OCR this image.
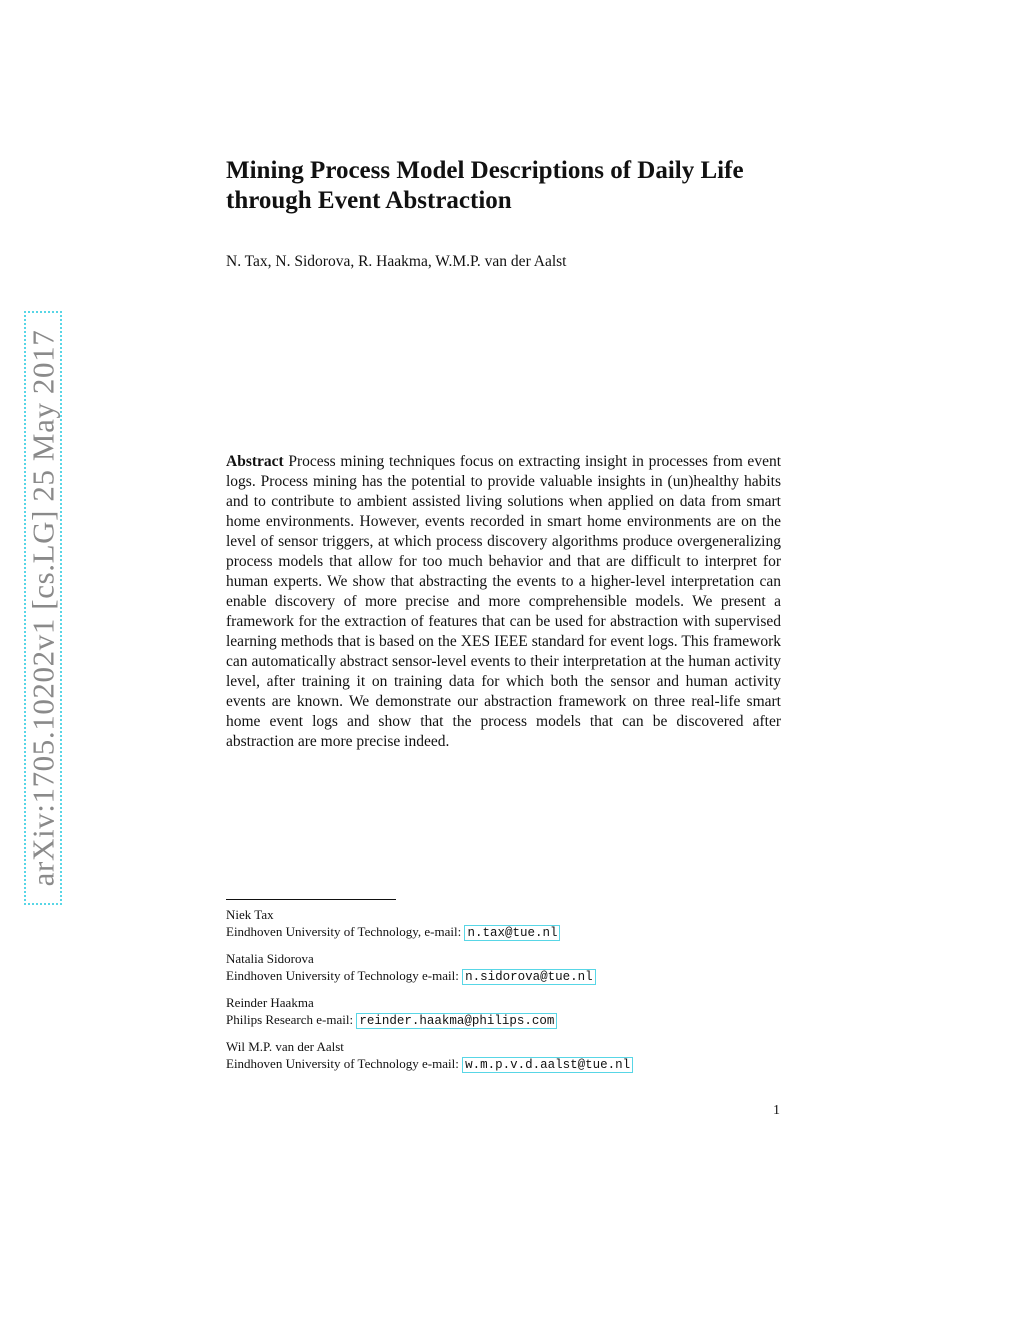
arXiv:1705.10202v1 [cs.LG] 25 May 2017
Mining Process Model Descriptions of Daily Life through Event Abstraction
N. Tax, N. Sidorova, R. Haakma, W.M.P. van der Aalst
Abstract Process mining techniques focus on extracting insight in processes from event logs. Process mining has the potential to provide valuable insights in (un)healthy habits and to contribute to ambient assisted living solutions when applied on data from smart home environments. However, events recorded in smart home environments are on the level of sensor triggers, at which process discovery algorithms produce overgeneralizing process models that allow for too much behavior and that are difficult to interpret for human experts. We show that abstracting the events to a higher-level interpretation can enable discovery of more precise and more comprehensible models. We present a framework for the extraction of features that can be used for abstraction with supervised learning methods that is based on the XES IEEE standard for event logs. This framework can automatically abstract sensor-level events to their interpretation at the human activity level, after training it on training data for which both the sensor and human activity events are known. We demonstrate our abstraction framework on three real-life smart home event logs and show that the process models that can be discovered after abstraction are more precise indeed.
Niek Tax
Eindhoven University of Technology, e-mail: n.tax@tue.nl
Natalia Sidorova
Eindhoven University of Technology e-mail: n.sidorova@tue.nl
Reinder Haakma
Philips Research e-mail: reinder.haakma@philips.com
Wil M.P. van der Aalst
Eindhoven University of Technology e-mail: w.m.p.v.d.aalst@tue.nl
1
